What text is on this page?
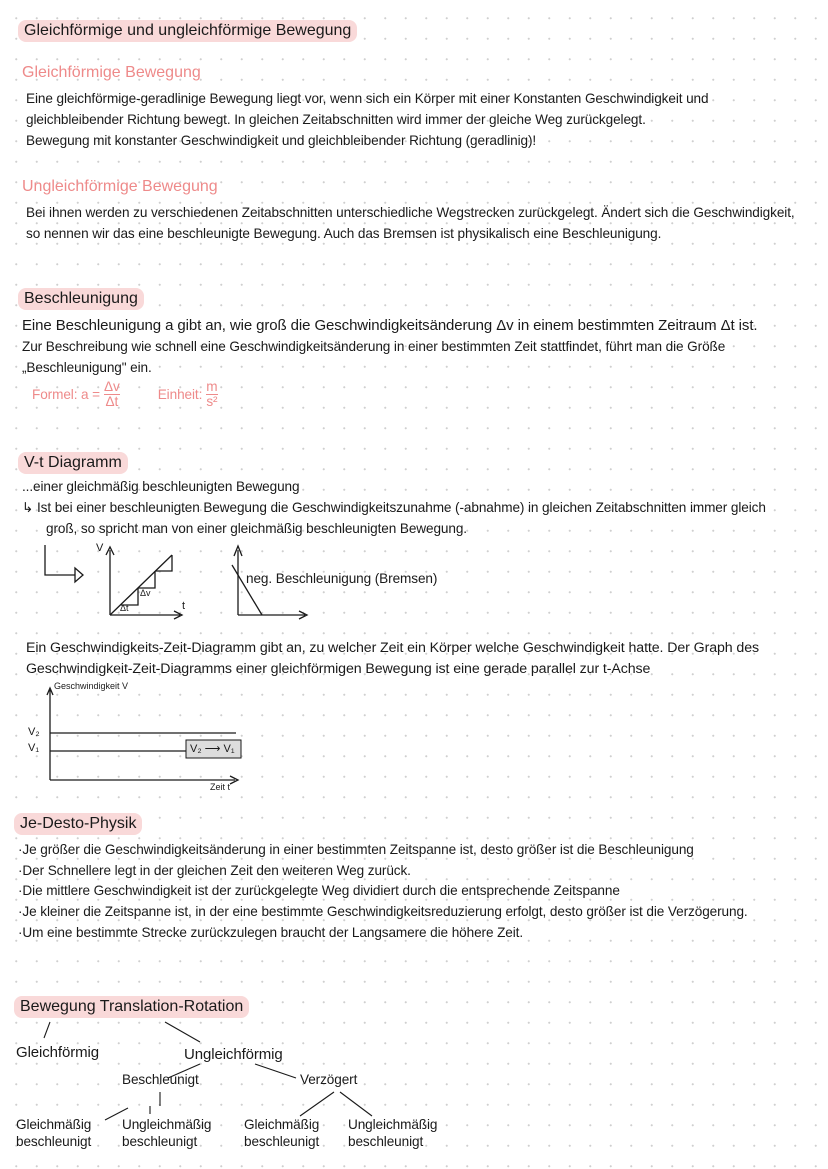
Gleichförmige und ungleichförmige Bewegung
Gleichförmige Bewegung
Eine gleichförmige-geradlinige Bewegung liegt vor, wenn sich ein Körper mit einer Konstanten Geschwindigkeit und
gleichbleibender Richtung bewegt. In gleichen Zeitabschnitten wird immer der gleiche Weg zurückgelegt.
Bewegung mit konstanter Geschwindigkeit und gleichbleibender Richtung (geradlinig)!
Ungleichförmige Bewegung
Bei ihnen werden zu verschiedenen Zeitabschnitten unterschiedliche Wegstrecken zurückgelegt. Ändert sich die Geschwindigkeit,
so nennen wir das eine beschleunigte Bewegung. Auch das Bremsen ist physikalisch eine Beschleunigung.
Beschleunigung
Eine Beschleunigung a gibt an, wie groß die Geschwindigkeitsänderung Δv in einem bestimmten Zeitraum Δt ist.
Zur Beschreibung wie schnell eine Geschwindigkeitsänderung in einer bestimmten Zeit stattfindet, führt man die Größe
„Beschleunigung" ein.
Formel: $a = \frac{\Delta v}{\Delta t}$	Einheit: $\frac{m}{\text{s²}}$
V-t Diagramm
...einer gleichmäßig beschleunigten Bewegung
↳ Ist bei einer beschleunigten Bewegung die Geschwindigkeitszunahme (-abnahme) in gleichen Zeitabschnitten immer gleich
groß, so spricht man von einer gleichmäßig beschleunigten Bewegung.
V
t
Δv
Δt
neg. Beschleunigung (Bremsen)
Ein Geschwindigkeits-Zeit-Diagramm gibt an, zu welcher Zeit ein Körper welche Geschwindigkeit hatte. Der Graph des
Geschwindigkeit-Zeit-Diagramms einer gleichförmigen Bewegung ist eine gerade parallel zur t-Achse
Geschwindigkeit V
Zeit t
V₂
V₁	V₂ ⟶ V₁
Je-Desto-Physik
·Je größer die Geschwindigkeitsänderung in einer bestimmten Zeitspanne ist, desto größer ist die Beschleunigung
·Der Schnellere legt in der gleichen Zeit den weiteren Weg zurück.
·Die mittlere Geschwindigkeit ist der zurückgelegte Weg dividiert durch die entsprechende Zeitspanne
·Je kleiner die Zeitspanne ist, in der eine bestimmte Geschwindigkeitsreduzierung erfolgt, desto größer ist die Verzögerung.
·Um eine bestimmte Strecke zurückzulegen braucht der Langsamere die höhere Zeit.
Bewegung Translation-Rotation
Gleichförmig	Ungleichförmig
Beschleunigt	Verzögert
Gleichmäßig
beschleunigt
Ungleichmäßig
beschleunigt
Gleichmäßig
beschleunigt
Ungleichmäßig
beschleunigt
